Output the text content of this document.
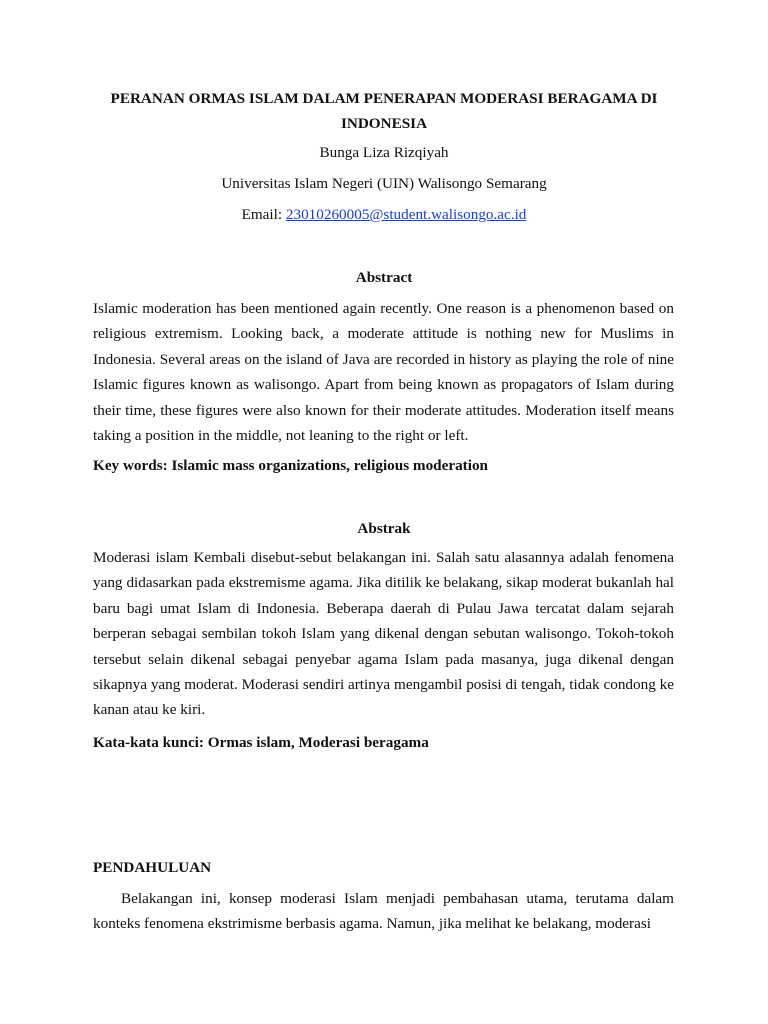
PERANAN ORMAS ISLAM DALAM PENERAPAN MODERASI BERAGAMA DI INDONESIA
Bunga Liza Rizqiyah
Universitas Islam Negeri (UIN) Walisongo Semarang
Email: 23010260005@student.walisongo.ac.id
Abstract

Islamic moderation has been mentioned again recently. One reason is a phenomenon based on religious extremism. Looking back, a moderate attitude is nothing new for Muslims in Indonesia. Several areas on the island of Java are recorded in history as playing the role of nine Islamic figures known as walisongo. Apart from being known as propagators of Islam during their time, these figures were also known for their moderate attitudes. Moderation itself means taking a position in the middle, not leaning to the right or left.

Key words: Islamic mass organizations, religious moderation
Abstrak

Moderasi islam Kembali disebut-sebut belakangan ini. Salah satu alasannya adalah fenomena yang didasarkan pada ekstremisme agama. Jika ditilik ke belakang, sikap moderat bukanlah hal baru bagi umat Islam di Indonesia. Beberapa daerah di Pulau Jawa tercatat dalam sejarah berperan sebagai sembilan tokoh Islam yang dikenal dengan sebutan walisongo. Tokoh-tokoh tersebut selain dikenal sebagai penyebar agama Islam pada masanya, juga dikenal dengan sikapnya yang moderat. Moderasi sendiri artinya mengambil posisi di tengah, tidak condong ke kanan atau ke kiri.

Kata-kata kunci: Ormas islam, Moderasi beragama
PENDAHULUAN

Belakangan ini, konsep moderasi Islam menjadi pembahasan utama, terutama dalam konteks fenomena ekstrimisme berbasis agama. Namun, jika melihat ke belakang, moderasi
